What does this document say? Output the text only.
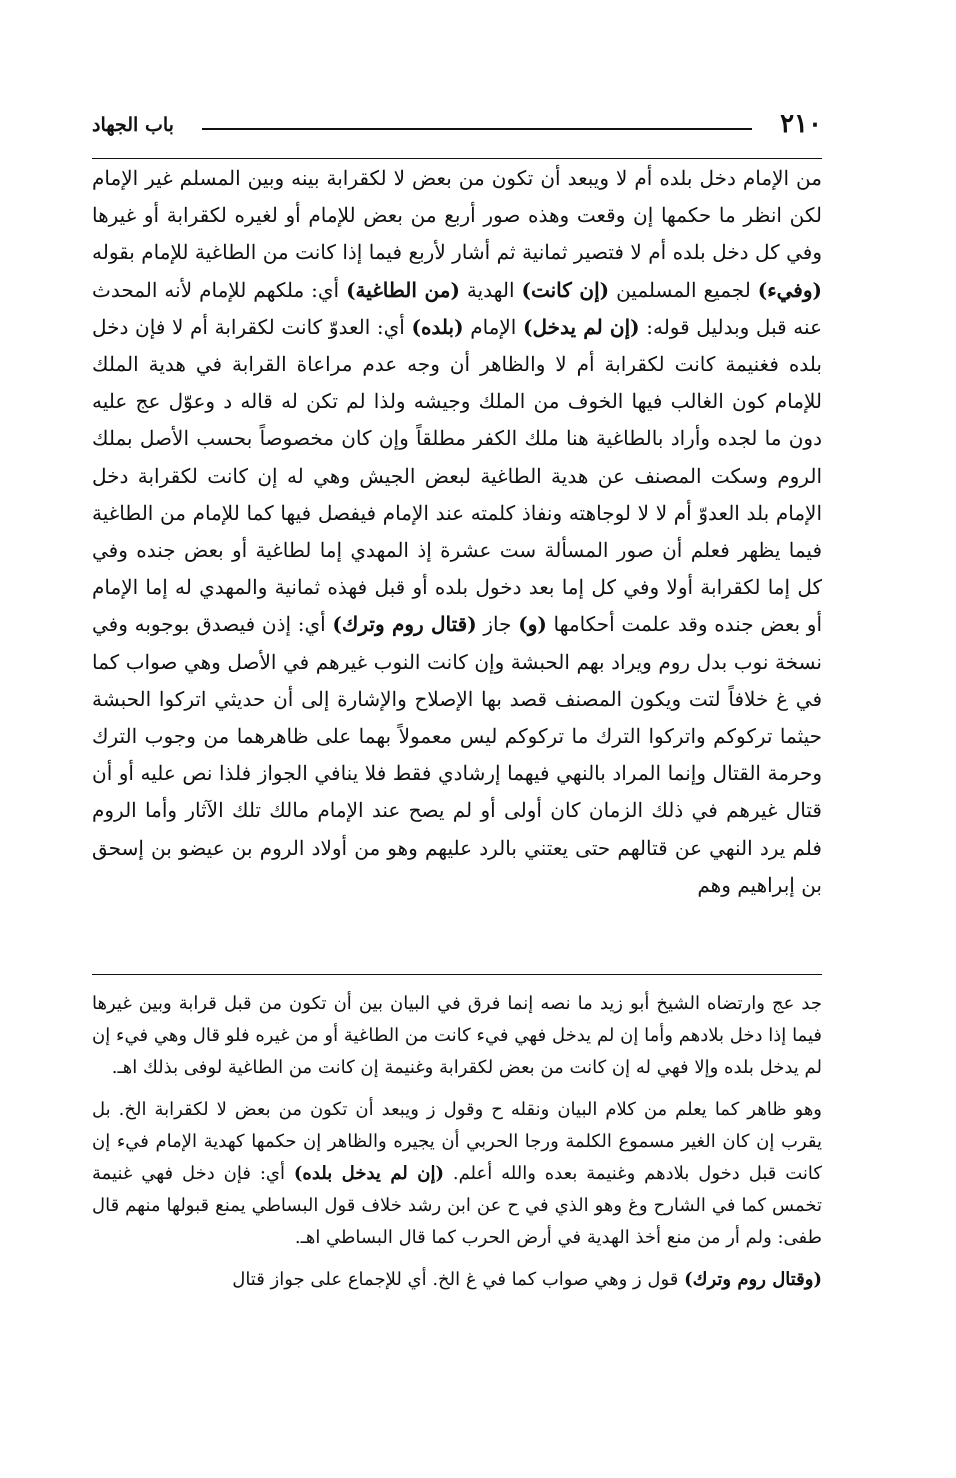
٢١٠
باب الجهاد

من الإمام دخل بلده أم لا ويبعد أن تكون من بعض لا لكقرابة بينه وبين المسلم غير الإمام لكن انظر ما حكمها إن وقعت وهذه صور أربع من بعض للإمام أو لغيره لكقرابة أو غيرها وفي كل دخل بلده أم لا فتصير ثمانية ثم أشار لأربع فيما إذا كانت من الطاغية للإمام بقوله (وفيء) لجميع المسلمين (إن كانت) الهدية (من الطاغية) أي: ملكهم للإمام لأنه المحدث عنه قبل وبدليل قوله: (إن لم يدخل) الإمام (بلده) أي: العدوّ كانت لكقرابة أم لا فإن دخل بلده فغنيمة كانت لكقرابة أم لا والظاهر أن وجه عدم مراعاة القرابة في هدية الملك للإمام كون الغالب فيها الخوف من الملك وجيشه ولذا لم تكن له قاله د وعوّل عج عليه دون ما لجده وأراد بالطاغية هنا ملك الكفر مطلقاً وإن كان مخصوصاً بحسب الأصل بملك الروم وسكت المصنف عن هدية الطاغية لبعض الجيش وهي له إن كانت لكقرابة دخل الإمام بلد العدوّ أم لا لا لوجاهته ونفاذ كلمته عند الإمام فيفصل فيها كما للإمام من الطاغية فيما يظهر فعلم أن صور المسألة ست عشرة إذ المهدي إما لطاغية أو بعض جنده وفي كل إما لكقرابة أولا وفي كل إما بعد دخول بلده أو قبل فهذه ثمانية والمهدي له إما الإمام أو بعض جنده وقد علمت أحكامها (و) جاز (قتال روم وترك) أي: إذن فيصدق بوجوبه وفي نسخة نوب بدل روم ويراد بهم الحبشة وإن كانت النوب غيرهم في الأصل وهي صواب كما في غ خلافاً لتت ويكون المصنف قصد بها الإصلاح والإشارة إلى أن حديثي اتركوا الحبشة حيثما تركوكم واتركوا الترك ما تركوكم ليس معمولاً بهما على ظاهرهما من وجوب الترك وحرمة القتال وإنما المراد بالنهي فيهما إرشادي فقط فلا ينافي الجواز فلذا نص عليه أو أن قتال غيرهم في ذلك الزمان كان أولى أو لم يصح عند الإمام مالك تلك الآثار وأما الروم فلم يرد النهي عن قتالهم حتى يعتني بالرد عليهم وهو من أولاد الروم بن عيضو بن إسحق بن إبراهيم وهم

جد عج وارتضاه الشيخ أبو زيد ما نصه إنما فرق في البيان بين أن تكون من قبل قرابة وبين غيرها فيما إذا دخل بلادهم وأما إن لم يدخل فهي فيء كانت من الطاغية أو من غيره فلو قال وهي فيء إن لم يدخل بلده وإلا فهي له إن كانت من بعض لكقرابة وغنيمة إن كانت من الطاغية لوفى بذلك اهـ.

وهو ظاهر كما يعلم من كلام البيان ونقله ح وقول ز ويبعد أن تكون من بعض لا لكقرابة الخ. بل يقرب إن كان الغير مسموع الكلمة ورجا الحربي أن يجيره والظاهر إن حكمها كهدية الإمام فيء إن كانت قبل دخول بلادهم وغنيمة بعده والله أعلم. (إن لم يدخل بلده) أي: فإن دخل فهي غنيمة تخمس كما في الشارح وغ وهو الذي في ح عن ابن رشد خلاف قول البساطي يمنع قبولها منهم قال طفى: ولم أر من منع أخذ الهدية في أرض الحرب كما قال البساطي اهـ.

(وقتال روم وترك) قول ز وهي صواب كما في غ الخ. أي للإجماع على جواز قتال
